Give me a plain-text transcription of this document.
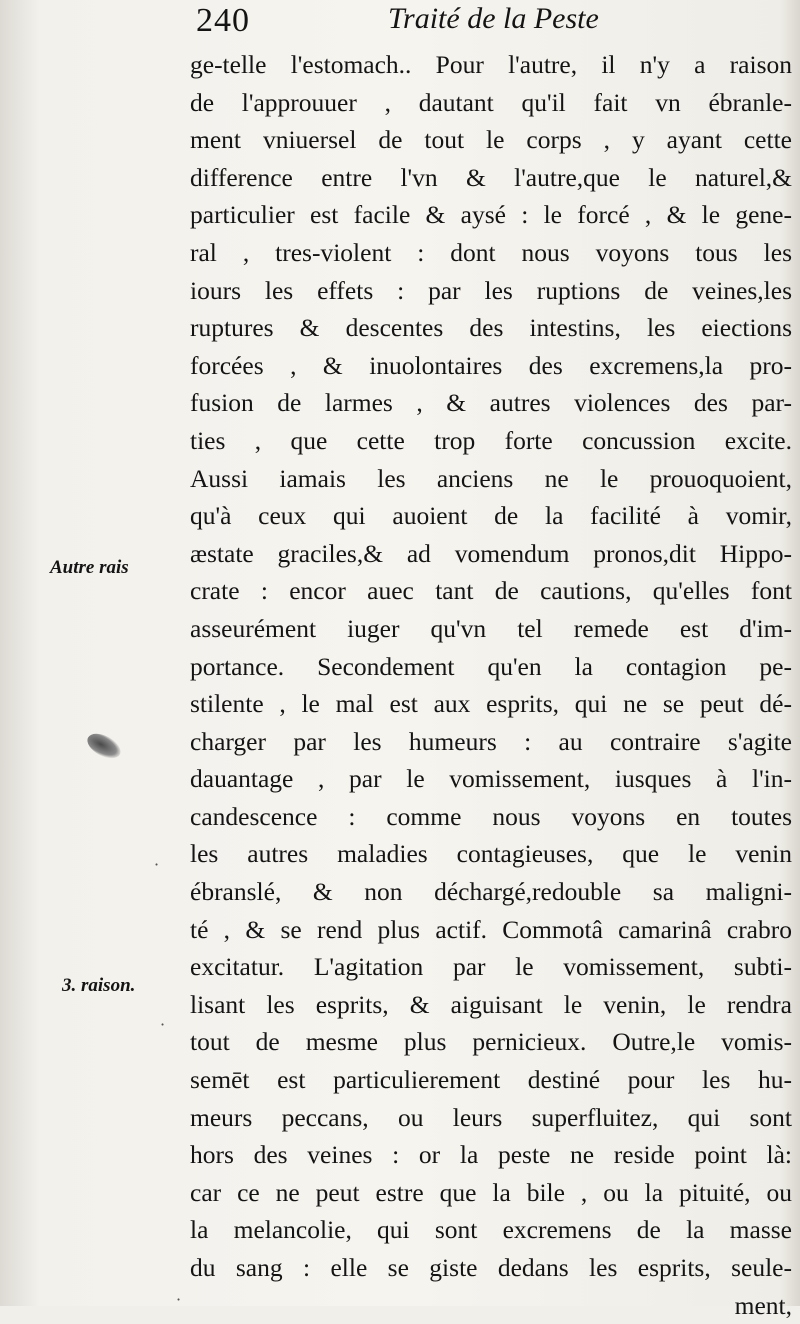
240	Traité de la Peste
ge-telle l'estomach.. Pour l'autre, il n'y a raison
de l'approuuer , dautant qu'il fait vn ébranle-
ment vniuersel de tout le corps , y ayant cette
difference entre l'vn & l'autre,que le naturel,&
particulier est facile & aysé : le forcé , & le gene-
ral , tres-violent : dont nous voyons tous les
iours les effets : par les ruptions de veines,les
ruptures & descentes des intestins, les eiections
forcées , & inuolontaires des excremens,la pro-
fusion de larmes , & autres violences des par-
ties , que cette trop forte concussion excite.
Aussi iamais les anciens ne le prouoquoient,
qu'à ceux qui auoient de la facilité à vomir,
æstate graciles,& ad vomendum pronos,dit Hippo-
crate : encor auec tant de cautions, qu'elles font
asseurément iuger qu'vn tel remede est d'im-
portance. Secondement qu'en la contagion pe-
stilente , le mal est aux esprits, qui ne se peut dé-
charger par les humeurs : au contraire s'agite
dauantage , par le vomissement, iusques à l'in-
candescence : comme nous voyons en toutes
les autres maladies contagieuses, que le venin
ébranslé, & non déchargé,redouble sa maligni-
té , & se rend plus actif. Commotâ camarinâ crabro
excitatur. L'agitation par le vomissement, subti-
lisant les esprits, & aiguisant le venin, le rendra
tout de mesme plus pernicieux. Outre,le vomis-
semēt est particulierement destiné pour les hu-
meurs peccans, ou leurs superfluitez, qui sont
hors des veines : or la peste ne reside point là:
car ce ne peut estre que la bile , ou la pituité, ou
la melancolie, qui sont excremens de la masse
du sang : elle se giste dedans les esprits, seule-
ment,
Autre rais
3. raison.
·
·
·
